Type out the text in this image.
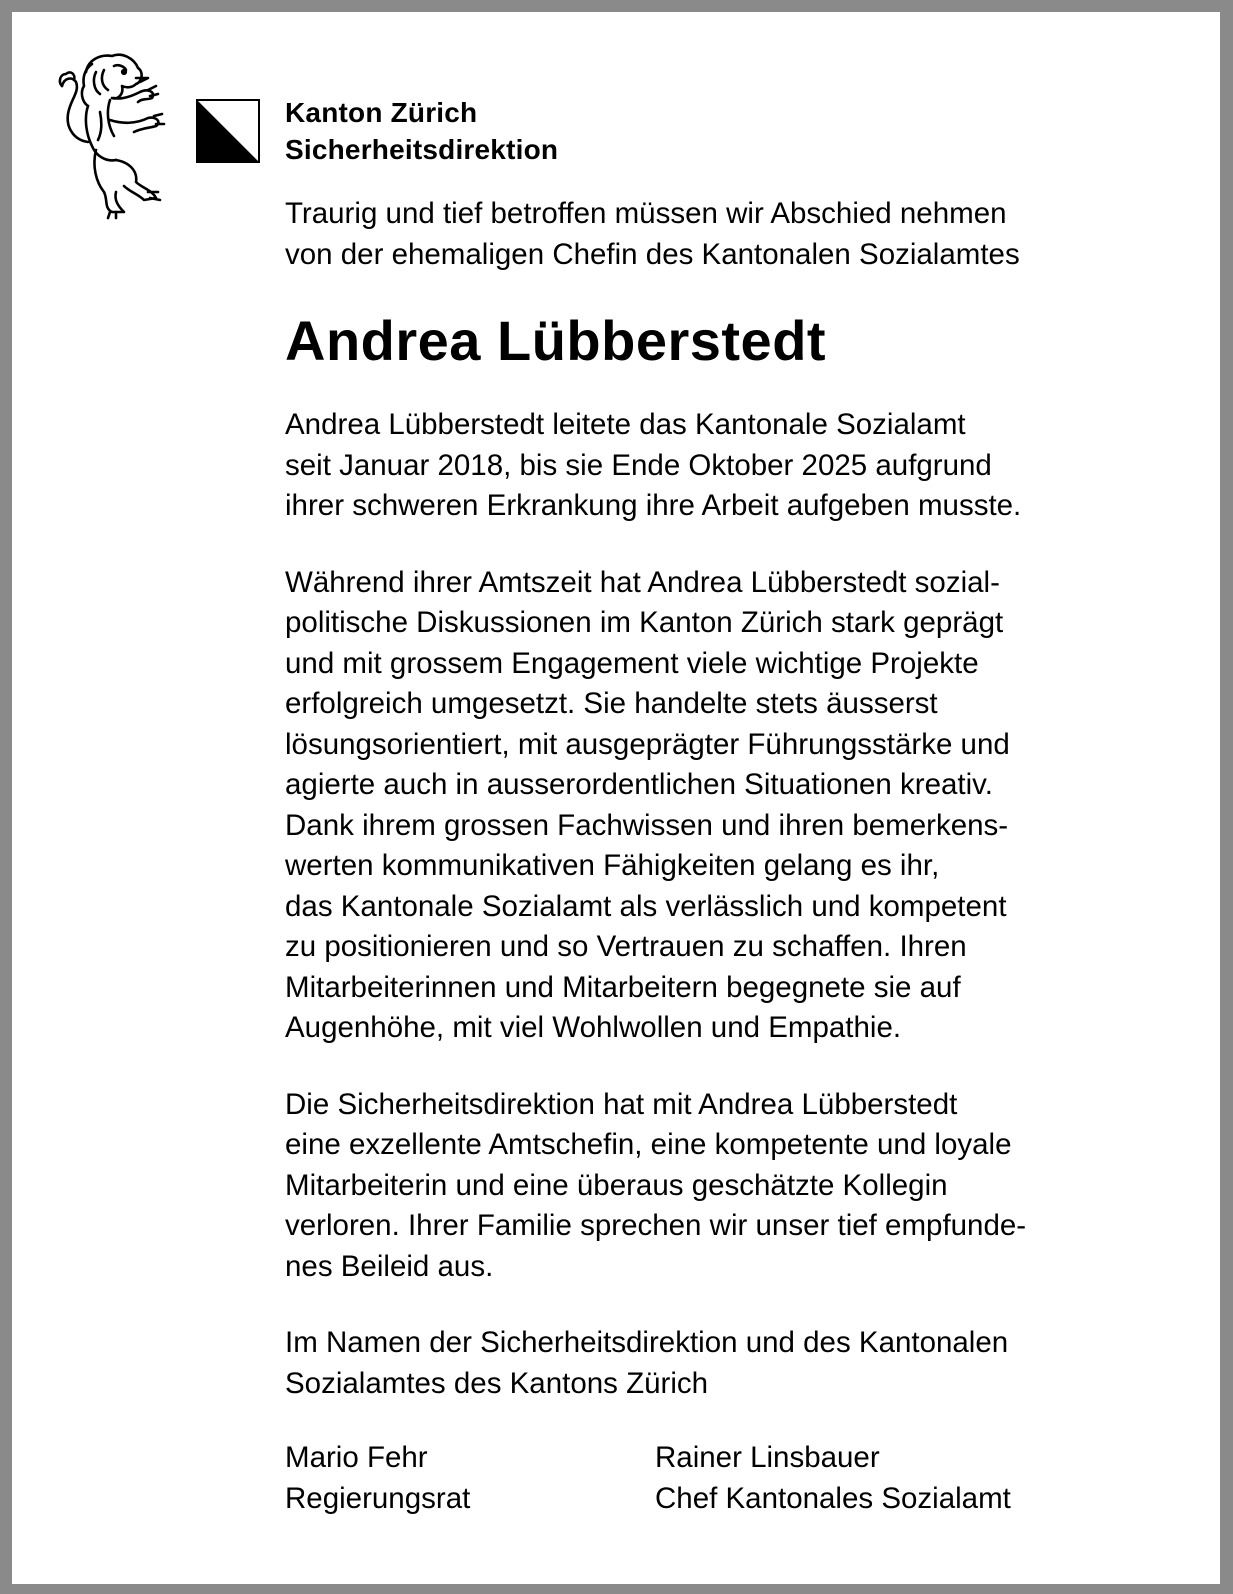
Kanton Zürich
Sicherheitsdirektion

Traurig und tief betroffen müssen wir Abschied nehmen
von der ehemaligen Chefin des Kantonalen Sozialamtes

Andrea Lübberstedt

Andrea Lübberstedt leitete das Kantonale Sozialamt
seit Januar 2018, bis sie Ende Oktober 2025 aufgrund
ihrer schweren Erkrankung ihre Arbeit aufgeben musste.

Während ihrer Amtszeit hat Andrea Lübberstedt sozial-
politische Diskussionen im Kanton Zürich stark geprägt
und mit grossem Engagement viele wichtige Projekte
erfolgreich umgesetzt. Sie handelte stets äusserst
lösungsorientiert, mit ausgeprägter Führungsstärke und
agierte auch in ausserordentlichen Situationen kreativ.
Dank ihrem grossen Fachwissen und ihren bemerkens-
werten kommunikativen Fähigkeiten gelang es ihr,
das Kantonale Sozialamt als verlässlich und kompetent
zu positionieren und so Vertrauen zu schaffen. Ihren
Mitarbeiterinnen und Mitarbeitern begegnete sie auf
Augenhöhe, mit viel Wohlwollen und Empathie.

Die Sicherheitsdirektion hat mit Andrea Lübberstedt
eine exzellente Amtschefin, eine kompetente und loyale
Mitarbeiterin und eine überaus geschätzte Kollegin
verloren. Ihrer Familie sprechen wir unser tief empfunde-
nes Beileid aus.

Im Namen der Sicherheitsdirektion und des Kantonalen
Sozialamtes des Kantons Zürich

Mario Fehr
Regierungsrat
Rainer Linsbauer
Chef Kantonales Sozialamt
